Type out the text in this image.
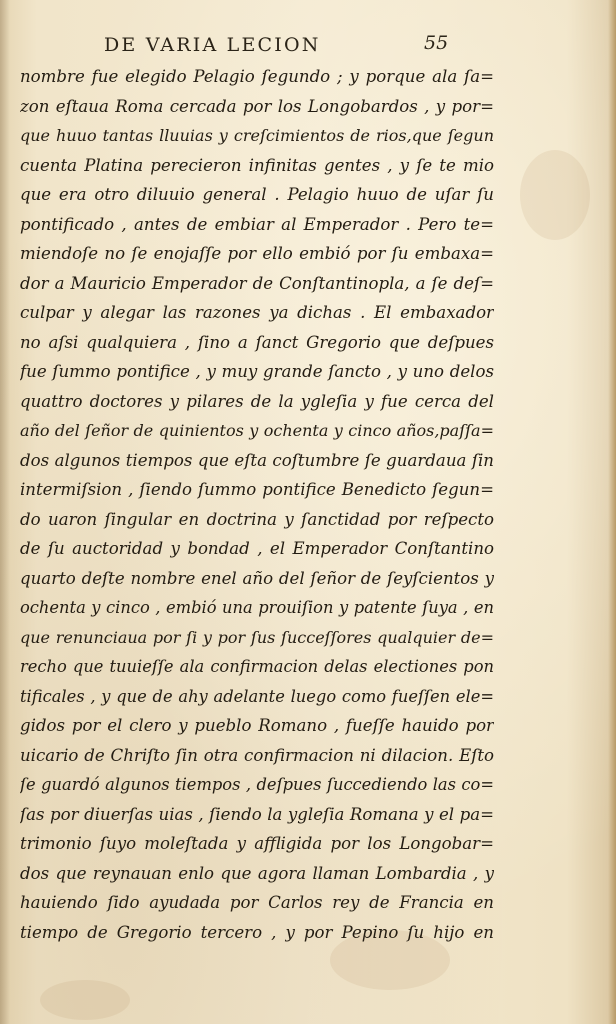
DE VARIA LECION	55
nombre fue elegido Pelagio ſegundo ; y porque ala ſa=
zon eſtaua Roma cercada por los Longobardos , y por=
que huuo tantas lluuias y creſcimientos de rios,que ſegun
cuenta Platina perecieron infinitas gentes , y ſe te mio
que era otro diluuio general . Pelagio huuo de uſar ſu
pontificado , antes de embiar al Emperador . Pero te=
miendoſe no ſe enojaſſe por ello embió por ſu embaxa=
dor a Mauricio Emperador de Conſtantinopla, a ſe deſ=
culpar y alegar las razones ya dichas . El embaxador
no aſsi qualquiera , ſino a ſanct Gregorio que deſpues
fue ſummo pontifice , y muy grande ſancto , y uno delos
quattro doctores y pilares de la ygleſia y fue cerca del
año del ſeñor de quinientos y ochenta y cinco años,paſſa=
dos algunos tiempos que eſta coſtumbre ſe guardaua ſin
intermiſsion , ſiendo ſummo pontifice Benedicto ſegun=
do uaron ſingular en doctrina y ſanctidad por reſpecto
de ſu auctoridad y bondad , el Emperador Conſtantino
quarto deſte nombre enel año del ſeñor de ſeyſcientos y
ochenta y cinco , embió una prouiſion y patente ſuya , en
que renunciaua por ſi y por ſus ſucceſſores qualquier de=
recho que tuuieſſe ala confirmacion delas electiones pon
tificales , y que de ahy adelante luego como fueſſen ele=
gidos por el clero y pueblo Romano , fueſſe hauido por
uicario de Chriſto ſin otra confirmacion ni dilacion. Eſto
ſe guardó algunos tiempos , deſpues ſuccediendo las co=
ſas por diuerſas uias , ſiendo la ygleſia Romana y el pa=
trimonio ſuyo moleſtada y affligida por los Longobar=
dos que reynauan enlo que agora llaman Lombardia , y
hauiendo ſido ayudada por Carlos rey de Francia en
tiempo de Gregorio tercero , y por Pepino ſu hijo en
